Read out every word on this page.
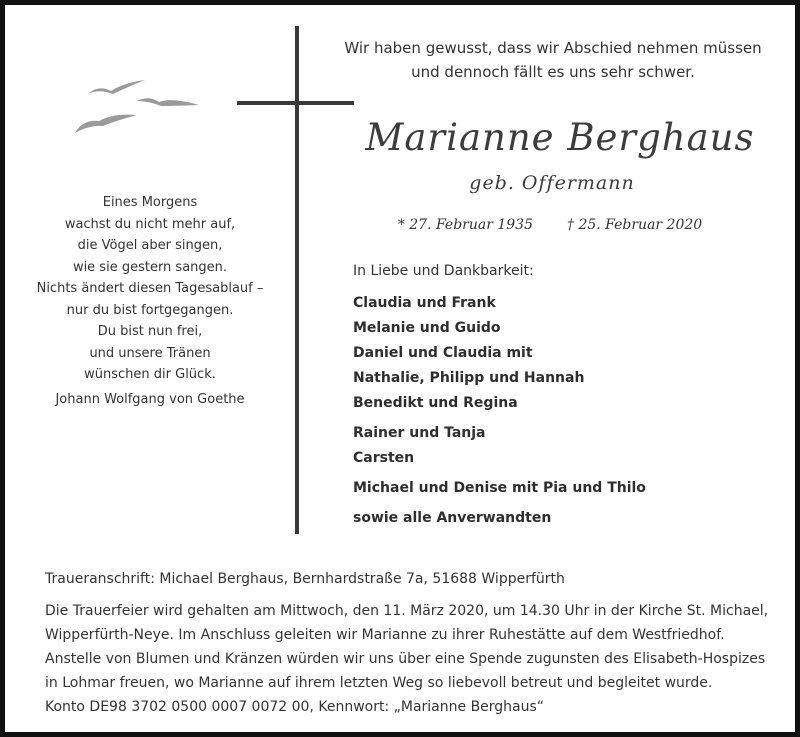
Wir haben gewusst, dass wir Abschied nehmen müssen
und dennoch fällt es uns sehr schwer.
Marianne Berghaus
geb. Offermann
* 27. Februar 1935 † 25. Februar 2020
Eines Morgens
wachst du nicht mehr auf,
die Vögel aber singen,
wie sie gestern sangen.
Nichts ändert diesen Tagesablauf –
nur du bist fortgegangen.
Du bist nun frei,
und unsere Tränen
wünschen dir Glück.
Johann Wolfgang von Goethe
In Liebe und Dankbarkeit:
Claudia und Frank
Melanie und Guido
Daniel und Claudia mit
Nathalie, Philipp und Hannah
Benedikt und Regina
Rainer und Tanja
Carsten
Michael und Denise mit Pia und Thilo
sowie alle Anverwandten
Traueranschrift: Michael Berghaus, Bernhardstraße 7a, 51688 Wipperfürth
Die Trauerfeier wird gehalten am Mittwoch, den 11. März 2020, um 14.30 Uhr in der Kirche St. Michael,
Wipperfürth-Neye. Im Anschluss geleiten wir Marianne zu ihrer Ruhestätte auf dem Westfriedhof.
Anstelle von Blumen und Kränzen würden wir uns über eine Spende zugunsten des Elisabeth-Hospizes
in Lohmar freuen, wo Marianne auf ihrem letzten Weg so liebevoll betreut und begleitet wurde.
Konto DE98 3702 0500 0007 0072 00, Kennwort: „Marianne Berghaus“
